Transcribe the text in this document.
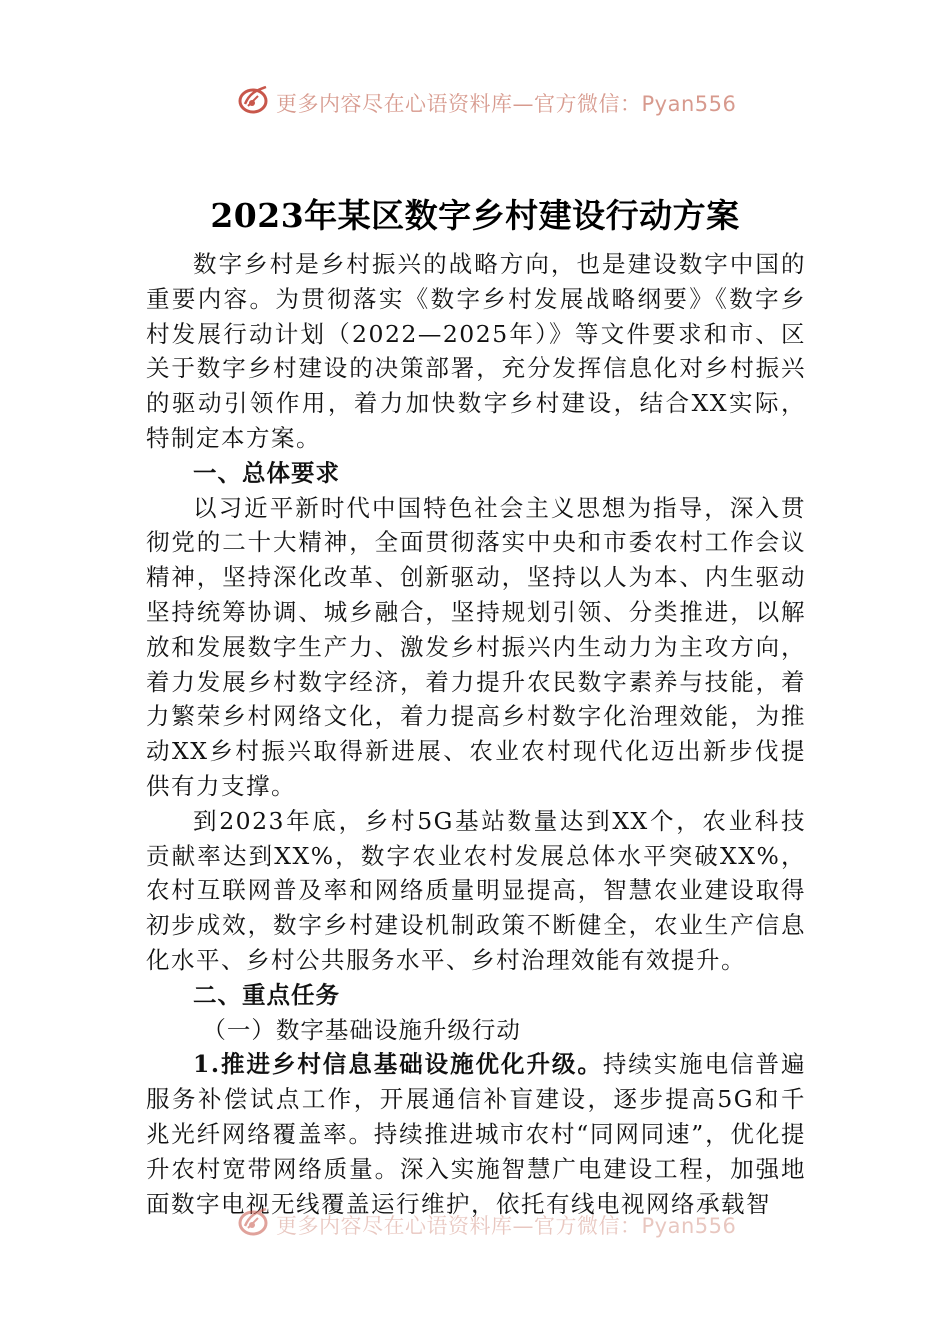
更多内容尽在心语资料库—官方微信：Pyan556
2023年某区数字乡村建设行动方案

数字乡村是乡村振兴的战略方向，也是建设数字中国的重要内容。为贯彻落实《数字乡村发展战略纲要》《数字乡村发展行动计划（2022—2025年）》等文件要求和市、区关于数字乡村建设的决策部署，充分发挥信息化对乡村振兴的驱动引领作用，着力加快数字乡村建设，结合XX实际，特制定本方案。

一、总体要求

以习近平新时代中国特色社会主义思想为指导，深入贯彻党的二十大精神，全面贯彻落实中央和市委农村工作会议精神，坚持深化改革、创新驱动，坚持以人为本、内生驱动坚持统筹协调、城乡融合，坚持规划引领、分类推进，以解放和发展数字生产力、激发乡村振兴内生动力为主攻方向，着力发展乡村数字经济，着力提升农民数字素养与技能，着力繁荣乡村网络文化，着力提高乡村数字化治理效能，为推动XX乡村振兴取得新进展、农业农村现代化迈出新步伐提供有力支撑。

到2023年底，乡村5G基站数量达到XX个，农业科技贡献率达到XX%，数字农业农村发展总体水平突破XX%，农村互联网普及率和网络质量明显提高，智慧农业建设取得初步成效，数字乡村建设机制政策不断健全，农业生产信息化水平、乡村公共服务水平、乡村治理效能有效提升。

二、重点任务
（一）数字基础设施升级行动

1.推进乡村信息基础设施优化升级。持续实施电信普遍服务补偿试点工作，开展通信补盲建设，逐步提高5G和千兆光纤网络覆盖率。持续推进城市农村“同网同速”，优化提升农村宽带网络质量。深入实施智慧广电建设工程，加强地面数字电视无线覆盖运行维护，依托有线电视网络承载智

更多内容尽在心语资料库—官方微信：Pyan556
